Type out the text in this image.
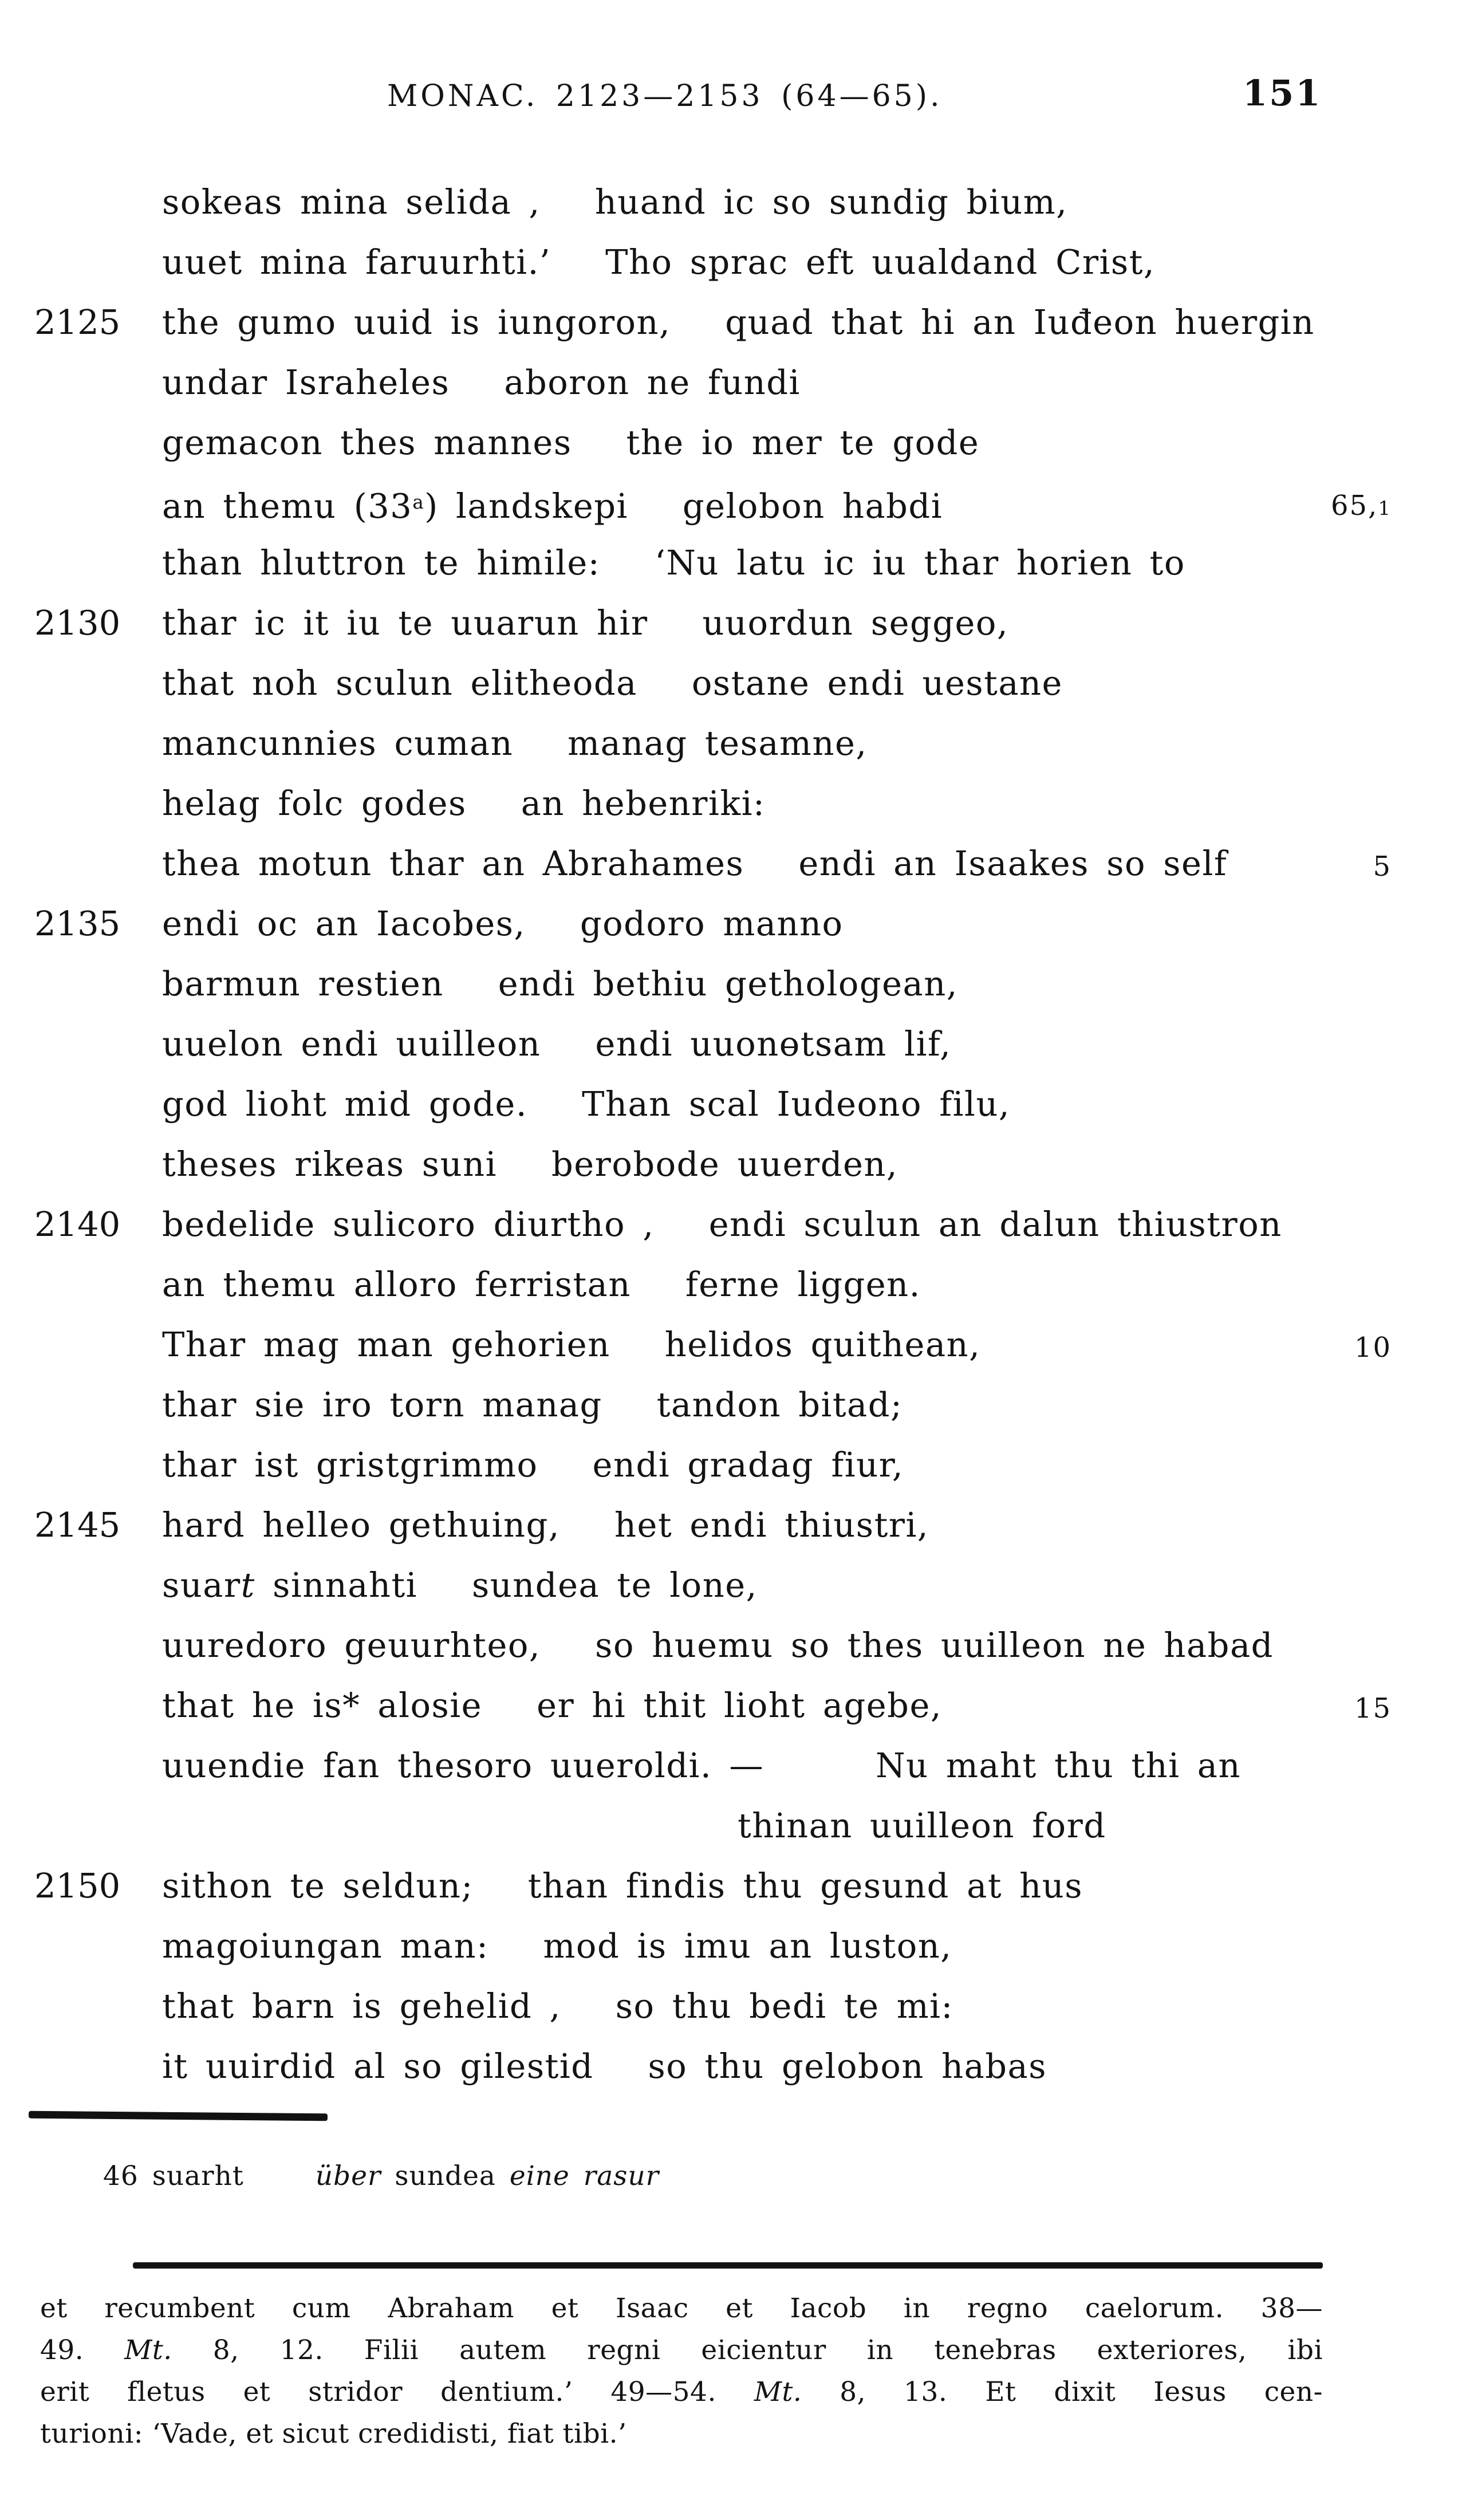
MONAC. 2123—2153 (64—65).	151
sokeas mina selida , huand ic so sundig bium,
uuet mina faruurhti.’ Tho sprac eft uualdand Crist,
2125 the gumo uuid is iungoron, quad that hi an Iuđeon huergin
undar Israheles aboron ne fundi
gemacon thes mannes the io mer te gode
an themu (33$^a$) landskepi gelobon habdi	65,1
than hluttron te himile: ‘Nu latu ic iu thar horien to
2130 thar ic it iu te uuarun hir uuordun seggeo,
that noh sculun elitheoda ostane endi uestane
mancunnies cuman manag tesamne,
helag folc godes an hebenriki:
thea motun thar an Abrahames endi an Isaakes so self	5
2135 endi oc an Iacobes, godoro manno
barmun restien endi bethiu gethologean,
uuelon endi uuilleon endi uuonɵtsam lif,
god lioht mid gode. Than scal Iudeono filu,
theses rikeas suni berobode uuerden,
2140 bedelide sulicoro diurtho , endi sculun an dalun thiustron
an themu alloro ferristan ferne liggen.
Thar mag man gehorien helidos quithean,	10
thar sie iro torn manag tandon bitad;
thar ist gristgrimmo endi gradag fiur,
2145 hard helleo gethuing, het endi thiustri,
suart sinnahti sundea te lone,
uuredoro geuurhteo, so huemu so thes uuilleon ne habad
that he is* alosie er hi thit lioht agebe,	15
uuendie fan thesoro uueroldi. —	Nu maht thu thi an
thinan uuilleon ford
2150 sithon te seldun; than findis thu gesund at hus
magoiungan man: mod is imu an luston,
that barn is gehelid , so thu bedi te mi:
it uuirdid al so gilestid so thu gelobon habas
46 suarht	über sundea eine rasur
et recumbent cum Abraham et Isaac et Iacob in regno caelorum. 38—
49. Mt. 8, 12. Filii autem regni eicientur in tenebras exteriores, ibi
erit fletus et stridor dentium.’ 49—54. Mt. 8, 13. Et dixit Iesus cen-
turioni: ‘Vade, et sicut credidisti, fiat tibi.’
